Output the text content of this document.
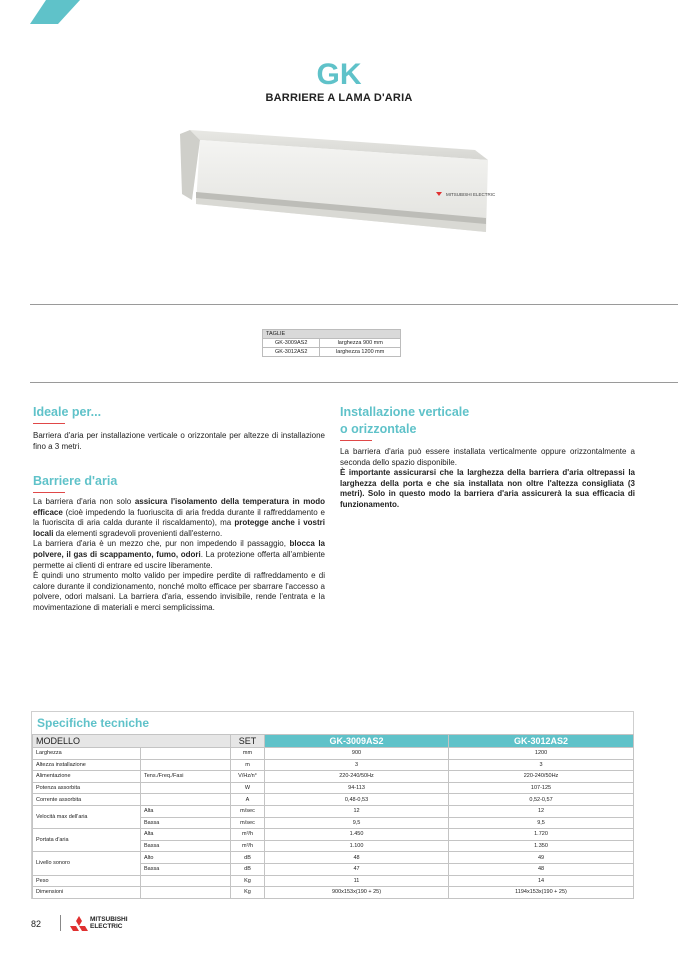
GK
BARRIERE A LAMA D'ARIA
MITSUBISHI ELECTRIC
TAGLIE	
GK-3009AS2	larghezza 900 mm
GK-3012AS2	larghezza 1200 mm
Ideale per...
Barriera d'aria per installazione verticale o orizzontale per altezze di installazione fino a 3 metri.
Barriere d'aria
La barriera d'aria non solo assicura l'isolamento della temperatura in modo efficace (cioè impedendo la fuoriuscita di aria fredda durante il raffreddamento e la fuoriscita di aria calda durante il riscaldamento), ma protegge anche i vostri locali da elementi sgradevoli provenienti dall'esterno.
La barriera d'aria è un mezzo che, pur non impedendo il passaggio, blocca la polvere, il gas di scappamento, fumo, odori. La protezione offerta all'ambiente permette ai clienti di entrare ed uscire liberamente.
È quindi uno strumento molto valido per impedire perdite di raffreddamento e di calore durante il condizionamento, nonché molto efficace per sbarrare l'accesso a polvere, odori malsani. La barriera d'aria, essendo invisibile, rende l'entrata e la movimentazione di materiali e merci semplicissima.
Installazione verticale
o orizzontale
La barriera d'aria può essere installata verticalmente oppure orizzontalmente a seconda dello spazio disponibile.
È importante assicurarsi che la larghezza della barriera d'aria oltrepassi la larghezza della porta e che sia installata non oltre l'altezza consigliata (3 metri). Solo in questo modo la barriera d'aria assicurerà la sua efficacia di funzionamento.
Specifiche tecniche
MODELLO		SET	GK-3009AS2	GK-3012AS2
Larghezza		mm	900	1200
Altezza installazione		m	3	3
Alimentazione	Tens./Freq./Fasi	V/Hz/n°	220-240/50Hz	220-240/50Hz
Potenza assorbita		W	94-113	107-125
Corrente assorbita		A	0,48-0,53	0,52-0,57
Velocità max dell'aria	Alta	m/sec	12	12
	Bassa	m/sec	9,5	9,5
Portata d'aria	Alta	m³/h	1.450	1.720
	Bassa	m³/h	1.100	1.350
Livello sonoro	Alto	dB	48	49
	Bassa	dB	47	48
Peso		Kg	11	14
Dimensioni		Kg	900x153x(190 + 25)	1194x153x(190 + 25)
82	MITSUBISHI
ELECTRIC
